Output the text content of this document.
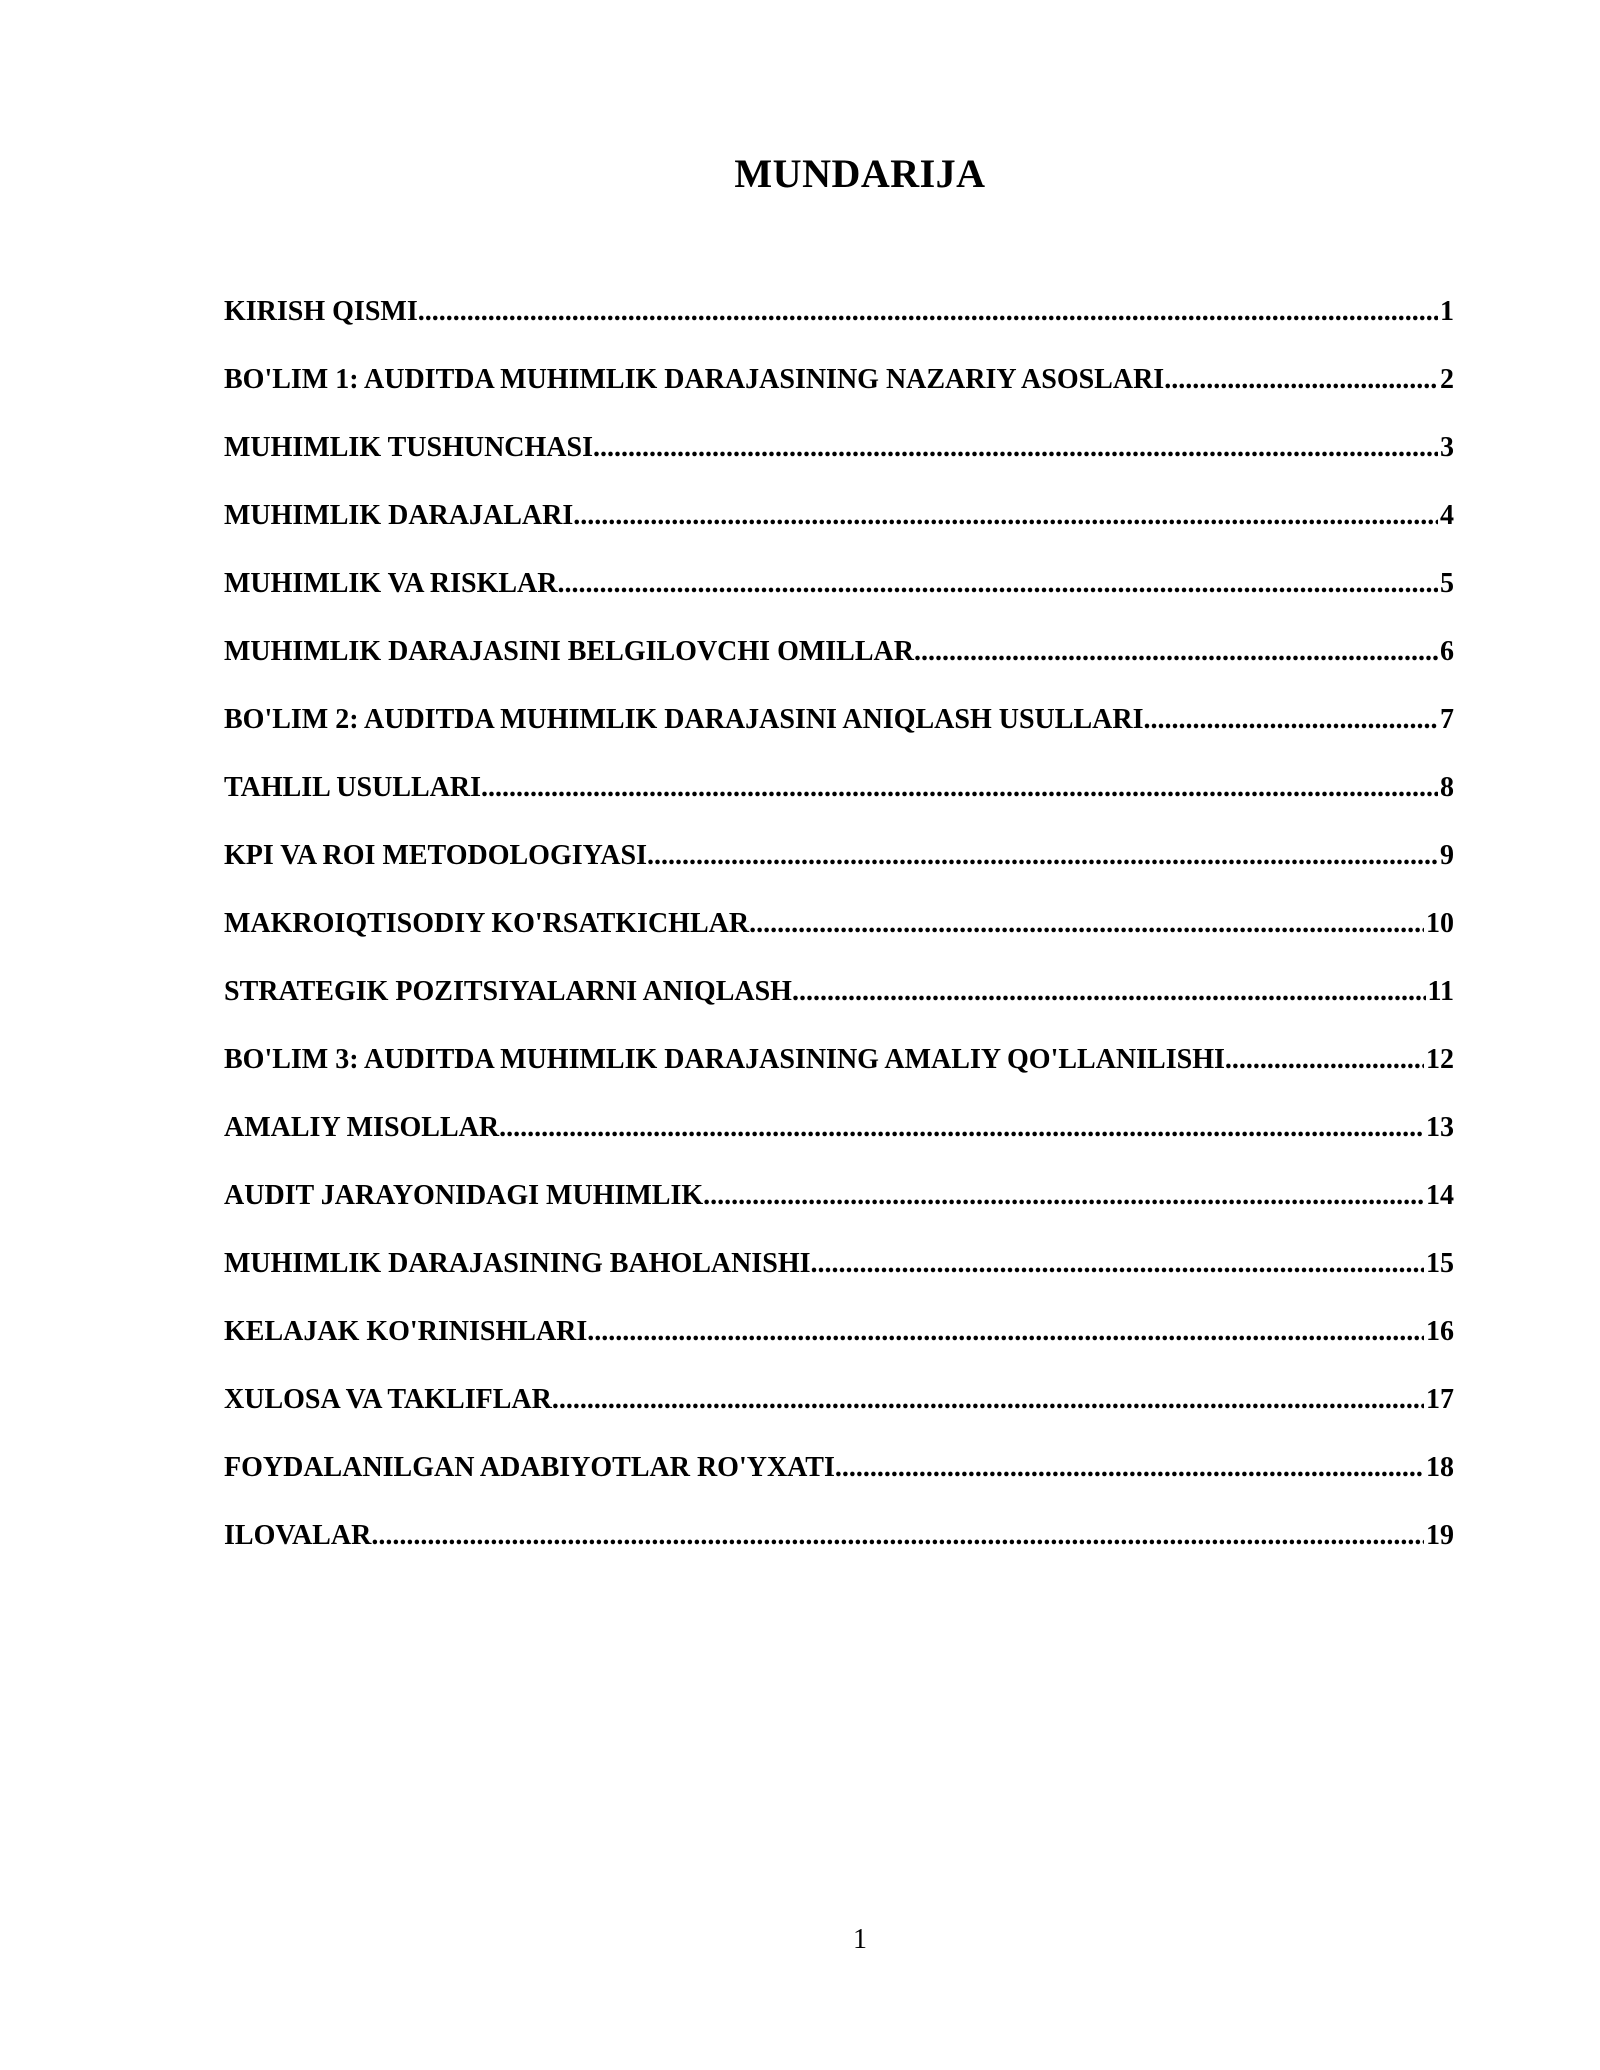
MUNDARIJA
KIRISH QISMI .....	1
BO'LIM 1: AUDITDA MUHIMLIK DARAJASINING NAZARIY ASOSLARI .....	2
MUHIMLIK TUSHUNCHASI .....	3
MUHIMLIK DARAJALARI .....	4
MUHIMLIK VA RISKLAR .....	5
MUHIMLIK DARAJASINI BELGILOVCHI OMILLAR .....	6
BO'LIM 2: AUDITDA MUHIMLIK DARAJASINI ANIQLASH USULLARI .....	7
TAHLIL USULLARI .....	8
KPI VA ROI METODOLOGIYASI .....	9
MAKROIQTISODIY KO'RSATKICHLAR .....	10
STRATEGIK POZITSIYALARNI ANIQLASH .....	11
BO'LIM 3: AUDITDA MUHIMLIK DARAJASINING AMALIY QO'LLANILISHI .....	12
AMALIY MISOLLAR .....	13
AUDIT JARAYONIDAGI MUHIMLIK .....	14
MUHIMLIK DARAJASINING BAHOLANISHI .....	15
KELAJAK KO'RINISHLARI .....	16
XULOSA VA TAKLIFLAR .....	17
FOYDALANILGAN ADABIYOTLAR RO'YXATI .....	18
ILOVALAR .....	19
1
